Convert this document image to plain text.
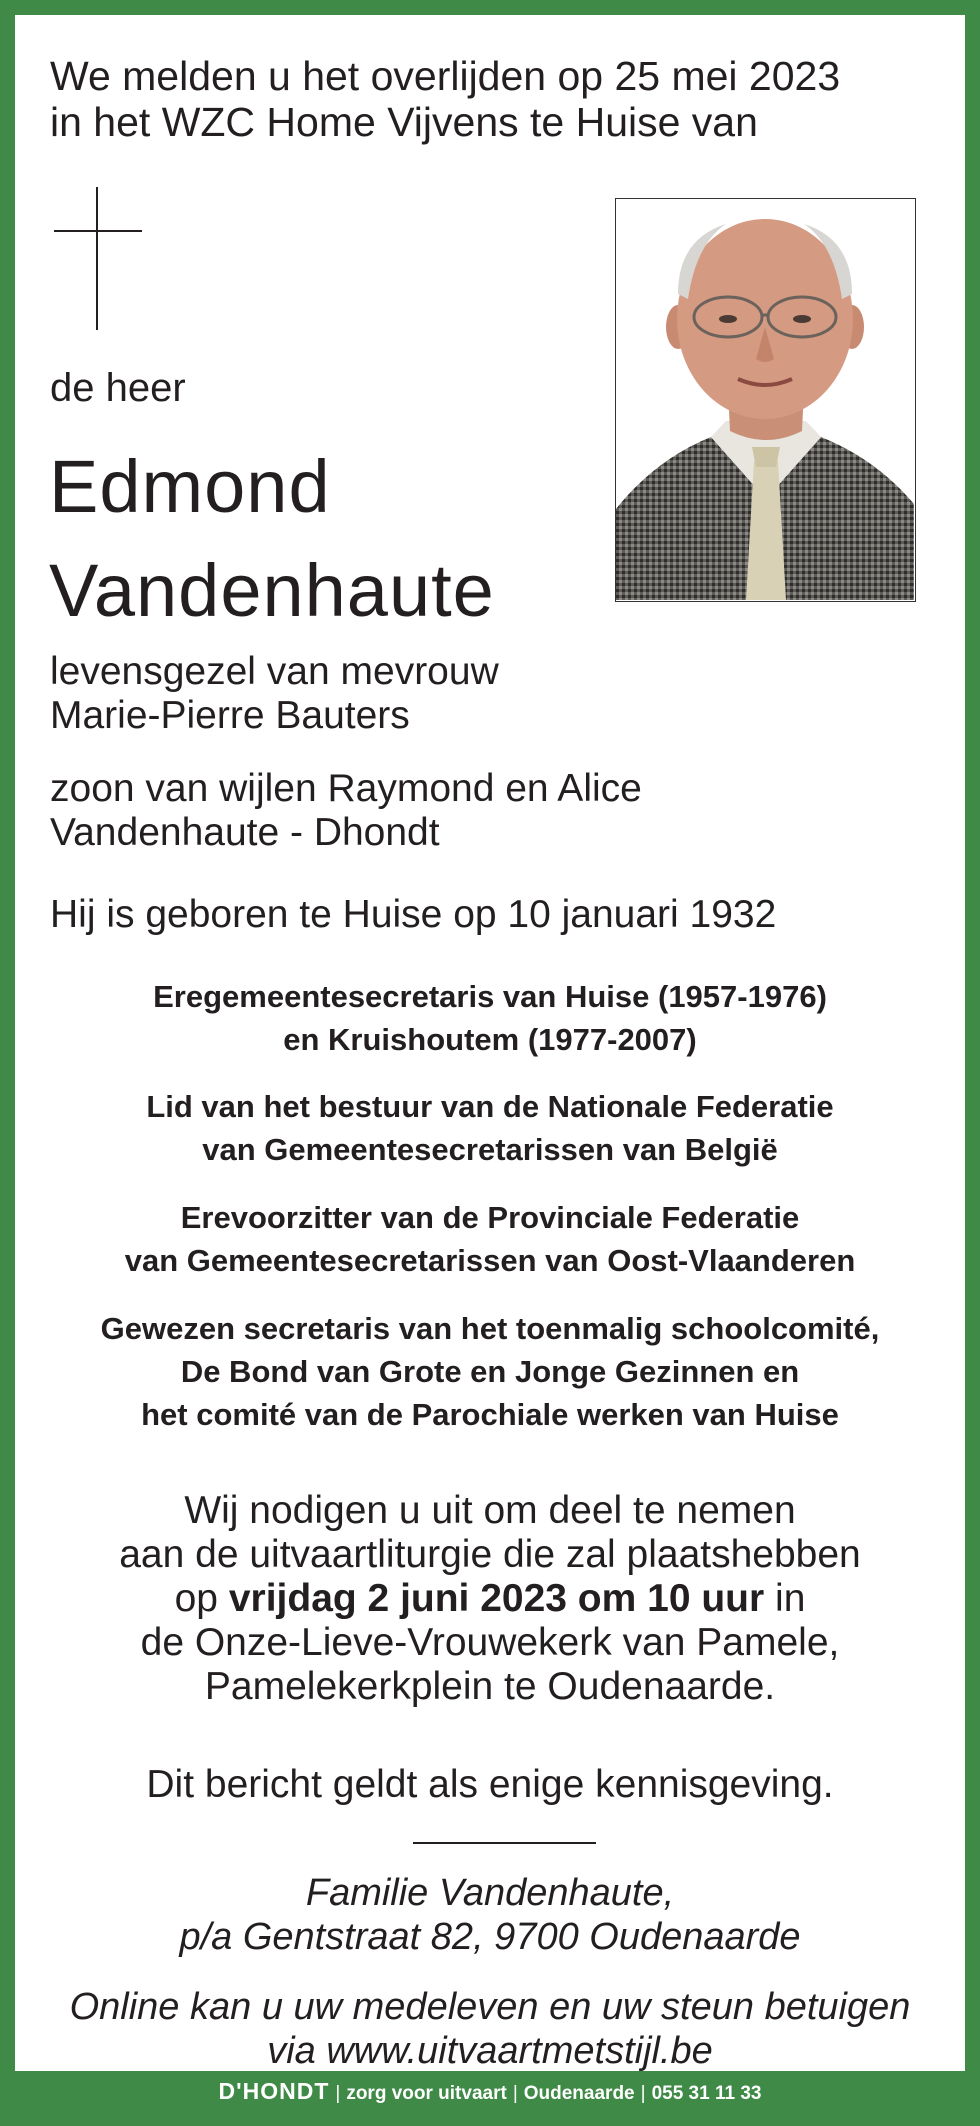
We melden u het overlijden op 25 mei 2023
in het WZC Home Vijvens te Huise van
de heer
Edmond
Vandenhaute
levensgezel van mevrouw
Marie-Pierre Bauters
zoon van wijlen Raymond en Alice
Vandenhaute - Dhondt
Hij is geboren te Huise op 10 januari 1932
Eregemeentesecretaris van Huise (1957-1976)
en Kruishoutem (1977-2007)
Lid van het bestuur van de Nationale Federatie
van Gemeentesecretarissen van België
Erevoorzitter van de Provinciale Federatie
van Gemeentesecretarissen van Oost-Vlaanderen
Gewezen secretaris van het toenmalig schoolcomité,
De Bond van Grote en Jonge Gezinnen en
het comité van de Parochiale werken van Huise
Wij nodigen u uit om deel te nemen
aan de uitvaartliturgie die zal plaatshebben
op vrijdag 2 juni 2023 om 10 uur in
de Onze-Lieve-Vrouwekerk van Pamele,
Pamelekerkplein te Oudenaarde.
Dit bericht geldt als enige kennisgeving.
Familie Vandenhaute,
p/a Gentstraat 82, 9700 Oudenaarde
Online kan u uw medeleven en uw steun betuigen
via www.uitvaartmetstijl.be
D'HONDT | zorg voor uitvaart | Oudenaarde | 055 31 11 33
